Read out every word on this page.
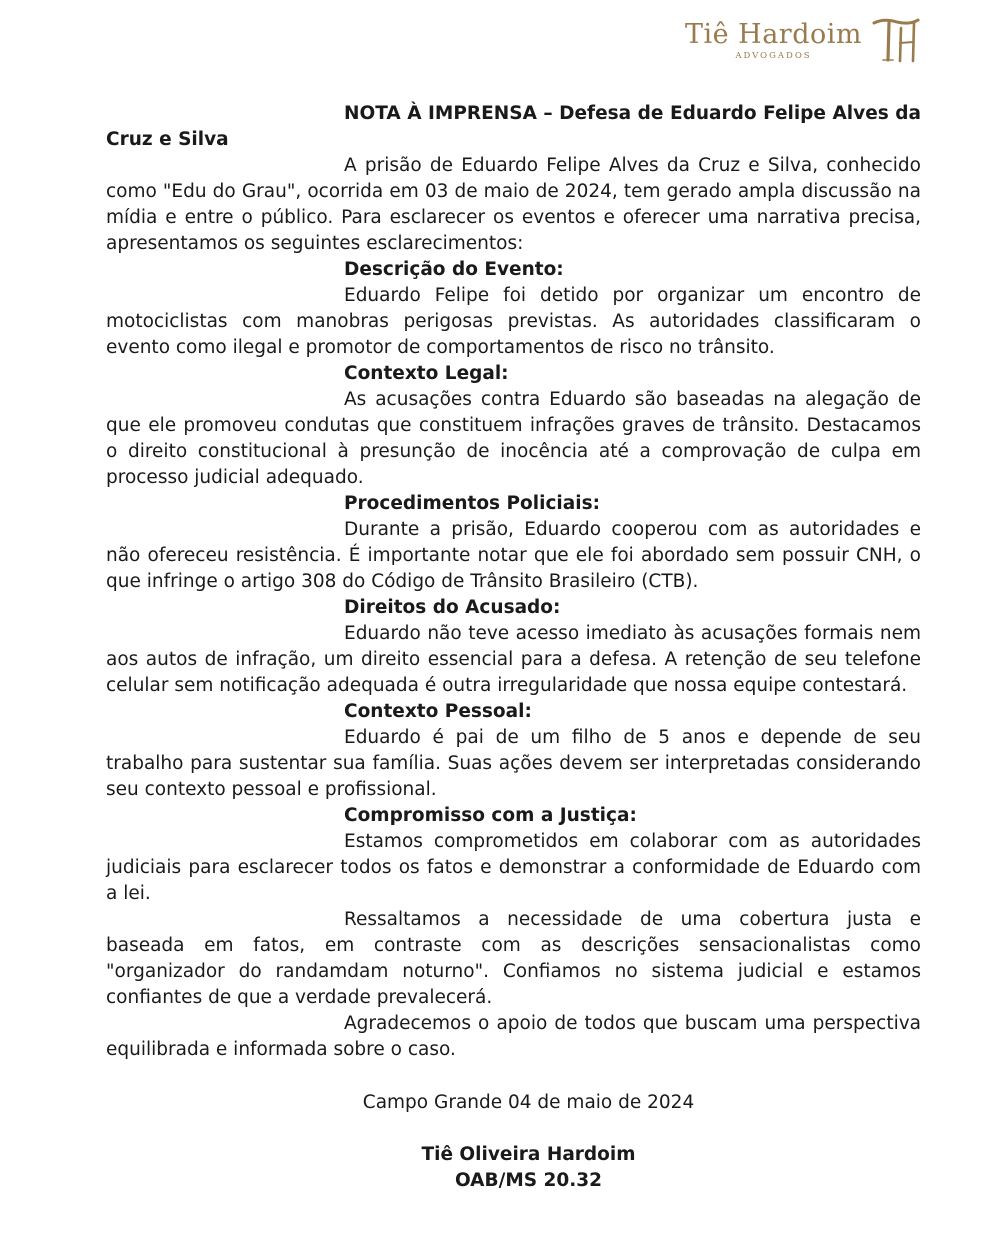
Tiê Hardoim
ADVOGADOS

NOTA À IMPRENSA – Defesa de Eduardo Felipe Alves da Cruz e Silva

A prisão de Eduardo Felipe Alves da Cruz e Silva, conhecido como "Edu do Grau", ocorrida em 03 de maio de 2024, tem gerado ampla discussão na mídia e entre o público. Para esclarecer os eventos e oferecer uma narrativa precisa, apresentamos os seguintes esclarecimentos:

Descrição do Evento:

Eduardo Felipe foi detido por organizar um encontro de motociclistas com manobras perigosas previstas. As autoridades classificaram o evento como ilegal e promotor de comportamentos de risco no trânsito.

Contexto Legal:

As acusações contra Eduardo são baseadas na alegação de que ele promoveu condutas que constituem infrações graves de trânsito. Destacamos o direito constitucional à presunção de inocência até a comprovação de culpa em processo judicial adequado.

Procedimentos Policiais:

Durante a prisão, Eduardo cooperou com as autoridades e não ofereceu resistência. É importante notar que ele foi abordado sem possuir CNH, o que infringe o artigo 308 do Código de Trânsito Brasileiro (CTB).

Direitos do Acusado:

Eduardo não teve acesso imediato às acusações formais nem aos autos de infração, um direito essencial para a defesa. A retenção de seu telefone celular sem notificação adequada é outra irregularidade que nossa equipe contestará.

Contexto Pessoal:

Eduardo é pai de um filho de 5 anos e depende de seu trabalho para sustentar sua família. Suas ações devem ser interpretadas considerando seu contexto pessoal e profissional.

Compromisso com a Justiça:

Estamos comprometidos em colaborar com as autoridades judiciais para esclarecer todos os fatos e demonstrar a conformidade de Eduardo com a lei.

Ressaltamos a necessidade de uma cobertura justa e baseada em fatos, em contraste com as descrições sensacionalistas como "organizador do randamdam noturno". Confiamos no sistema judicial e estamos confiantes de que a verdade prevalecerá.

Agradecemos o apoio de todos que buscam uma perspectiva equilibrada e informada sobre o caso.

Campo Grande 04 de maio de 2024
Tiê Oliveira Hardoim
OAB/MS 20.32
